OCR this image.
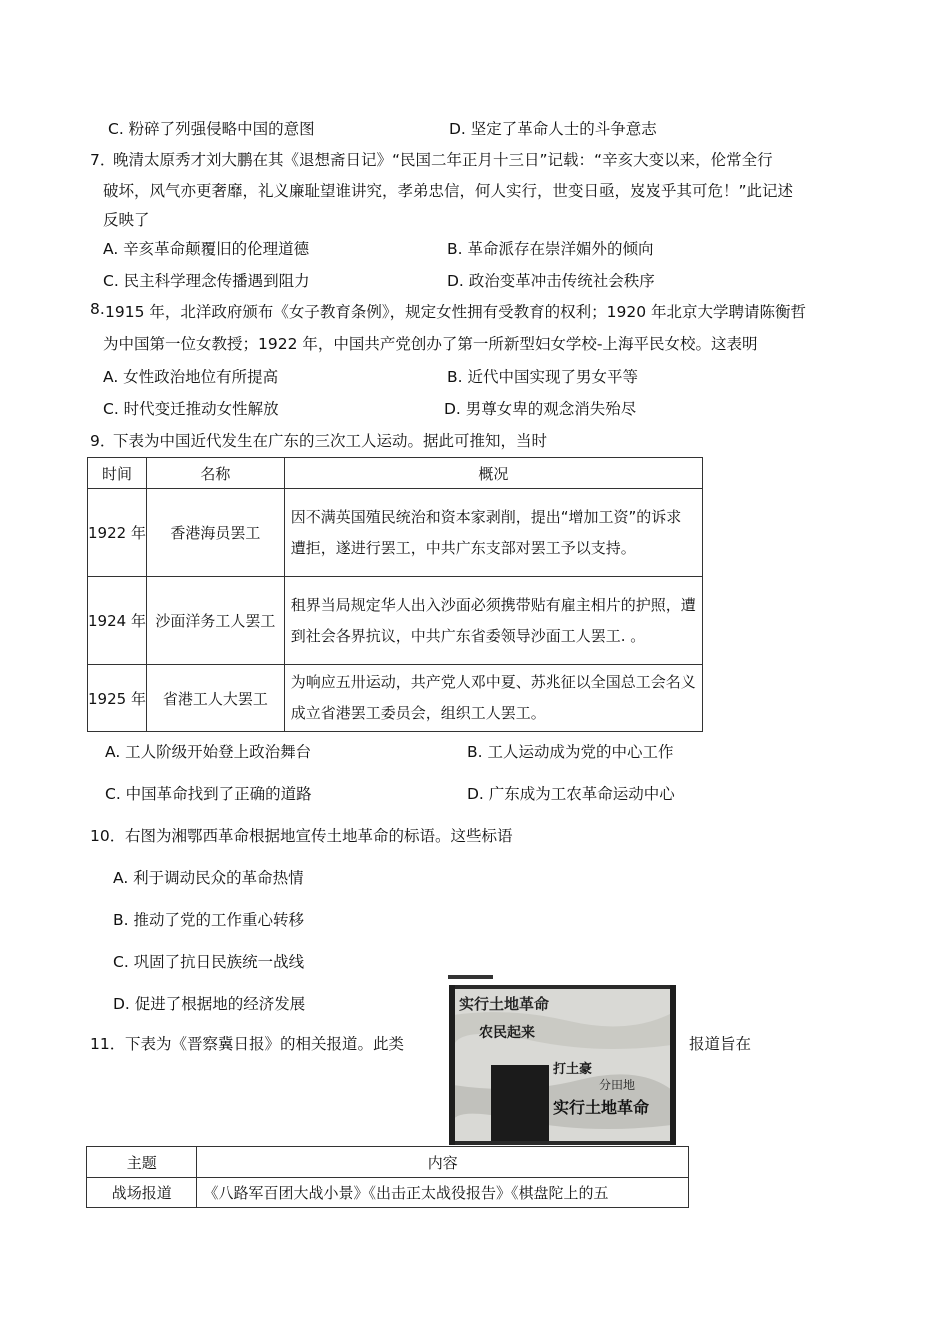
C. 粉碎了列强侵略中国的意图	D. 坚定了革命人士的斗争意志
7．
晚清太原秀才刘大鹏在其《退想斋日记》“民国二年正月十三日”记载：“辛亥大变以来，伦常全行
破坏，风气亦更奢靡，礼义廉耻望谁讲究，孝弟忠信，何人实行，世变日亟，岌岌乎其可危！”此记述
反映了
A. 辛亥革命颠覆旧的伦理道德	B. 革命派存在崇洋媚外的倾向
C. 民主科学理念传播遇到阻力	D. 政治变革冲击传统社会秩序
8. 1915 年，北洋政府颁布《女子教育条例》，规定女性拥有受教育的权利；1920 年北京大学聘请陈衡哲
为中国第一位女教授；1922 年，中国共产党创办了第一所新型妇女学校-上海平民女校。这表明
A. 女性政治地位有所提高	B. 近代中国实现了男女平等
C. 时代变迁推动女性解放	D. 男尊女卑的观念消失殆尽
9．
下表为中国近代发生在广东的三次工人运动。据此可推知，当时
时间	名称	概况
1922 年	香港海员罢工	因不满英国殖民统治和资本家剥削，提出“增加工资”的诉求遭拒，遂进行罢工，中共广东支部对罢工予以支持。
1924 年	沙面洋务工人罢工	租界当局规定华人出入沙面必须携带贴有雇主相片的护照，遭到社会各界抗议，中共广东省委领导沙面工人罢工. 。
1925 年	省港工人大罢工	为响应五卅运动，共产党人邓中夏、苏兆征以全国总工会名义成立省港罢工委员会，组织工人罢工。
A. 工人阶级开始登上政治舞台	B. 工人运动成为党的中心工作
C. 中国革命找到了正确的道路	D. 广东成为工农革命运动中心
10． 右图为湘鄂西革命根据地宣传土地革命的标语。这些标语
A. 利于调动民众的革命热情
B. 推动了党的工作重心转移
C. 巩固了抗日民族统一战线
D. 促进了根据地的经济发展	实行土地革命
农民起来
打土豪
分田地
实行土地革命
11． 下表为《晋察冀日报》的相关报道。此类	报道旨在
主题	内容
战场报道	《八路军百团大战小景》《出击正太战役报告》《棋盘陀上的五
